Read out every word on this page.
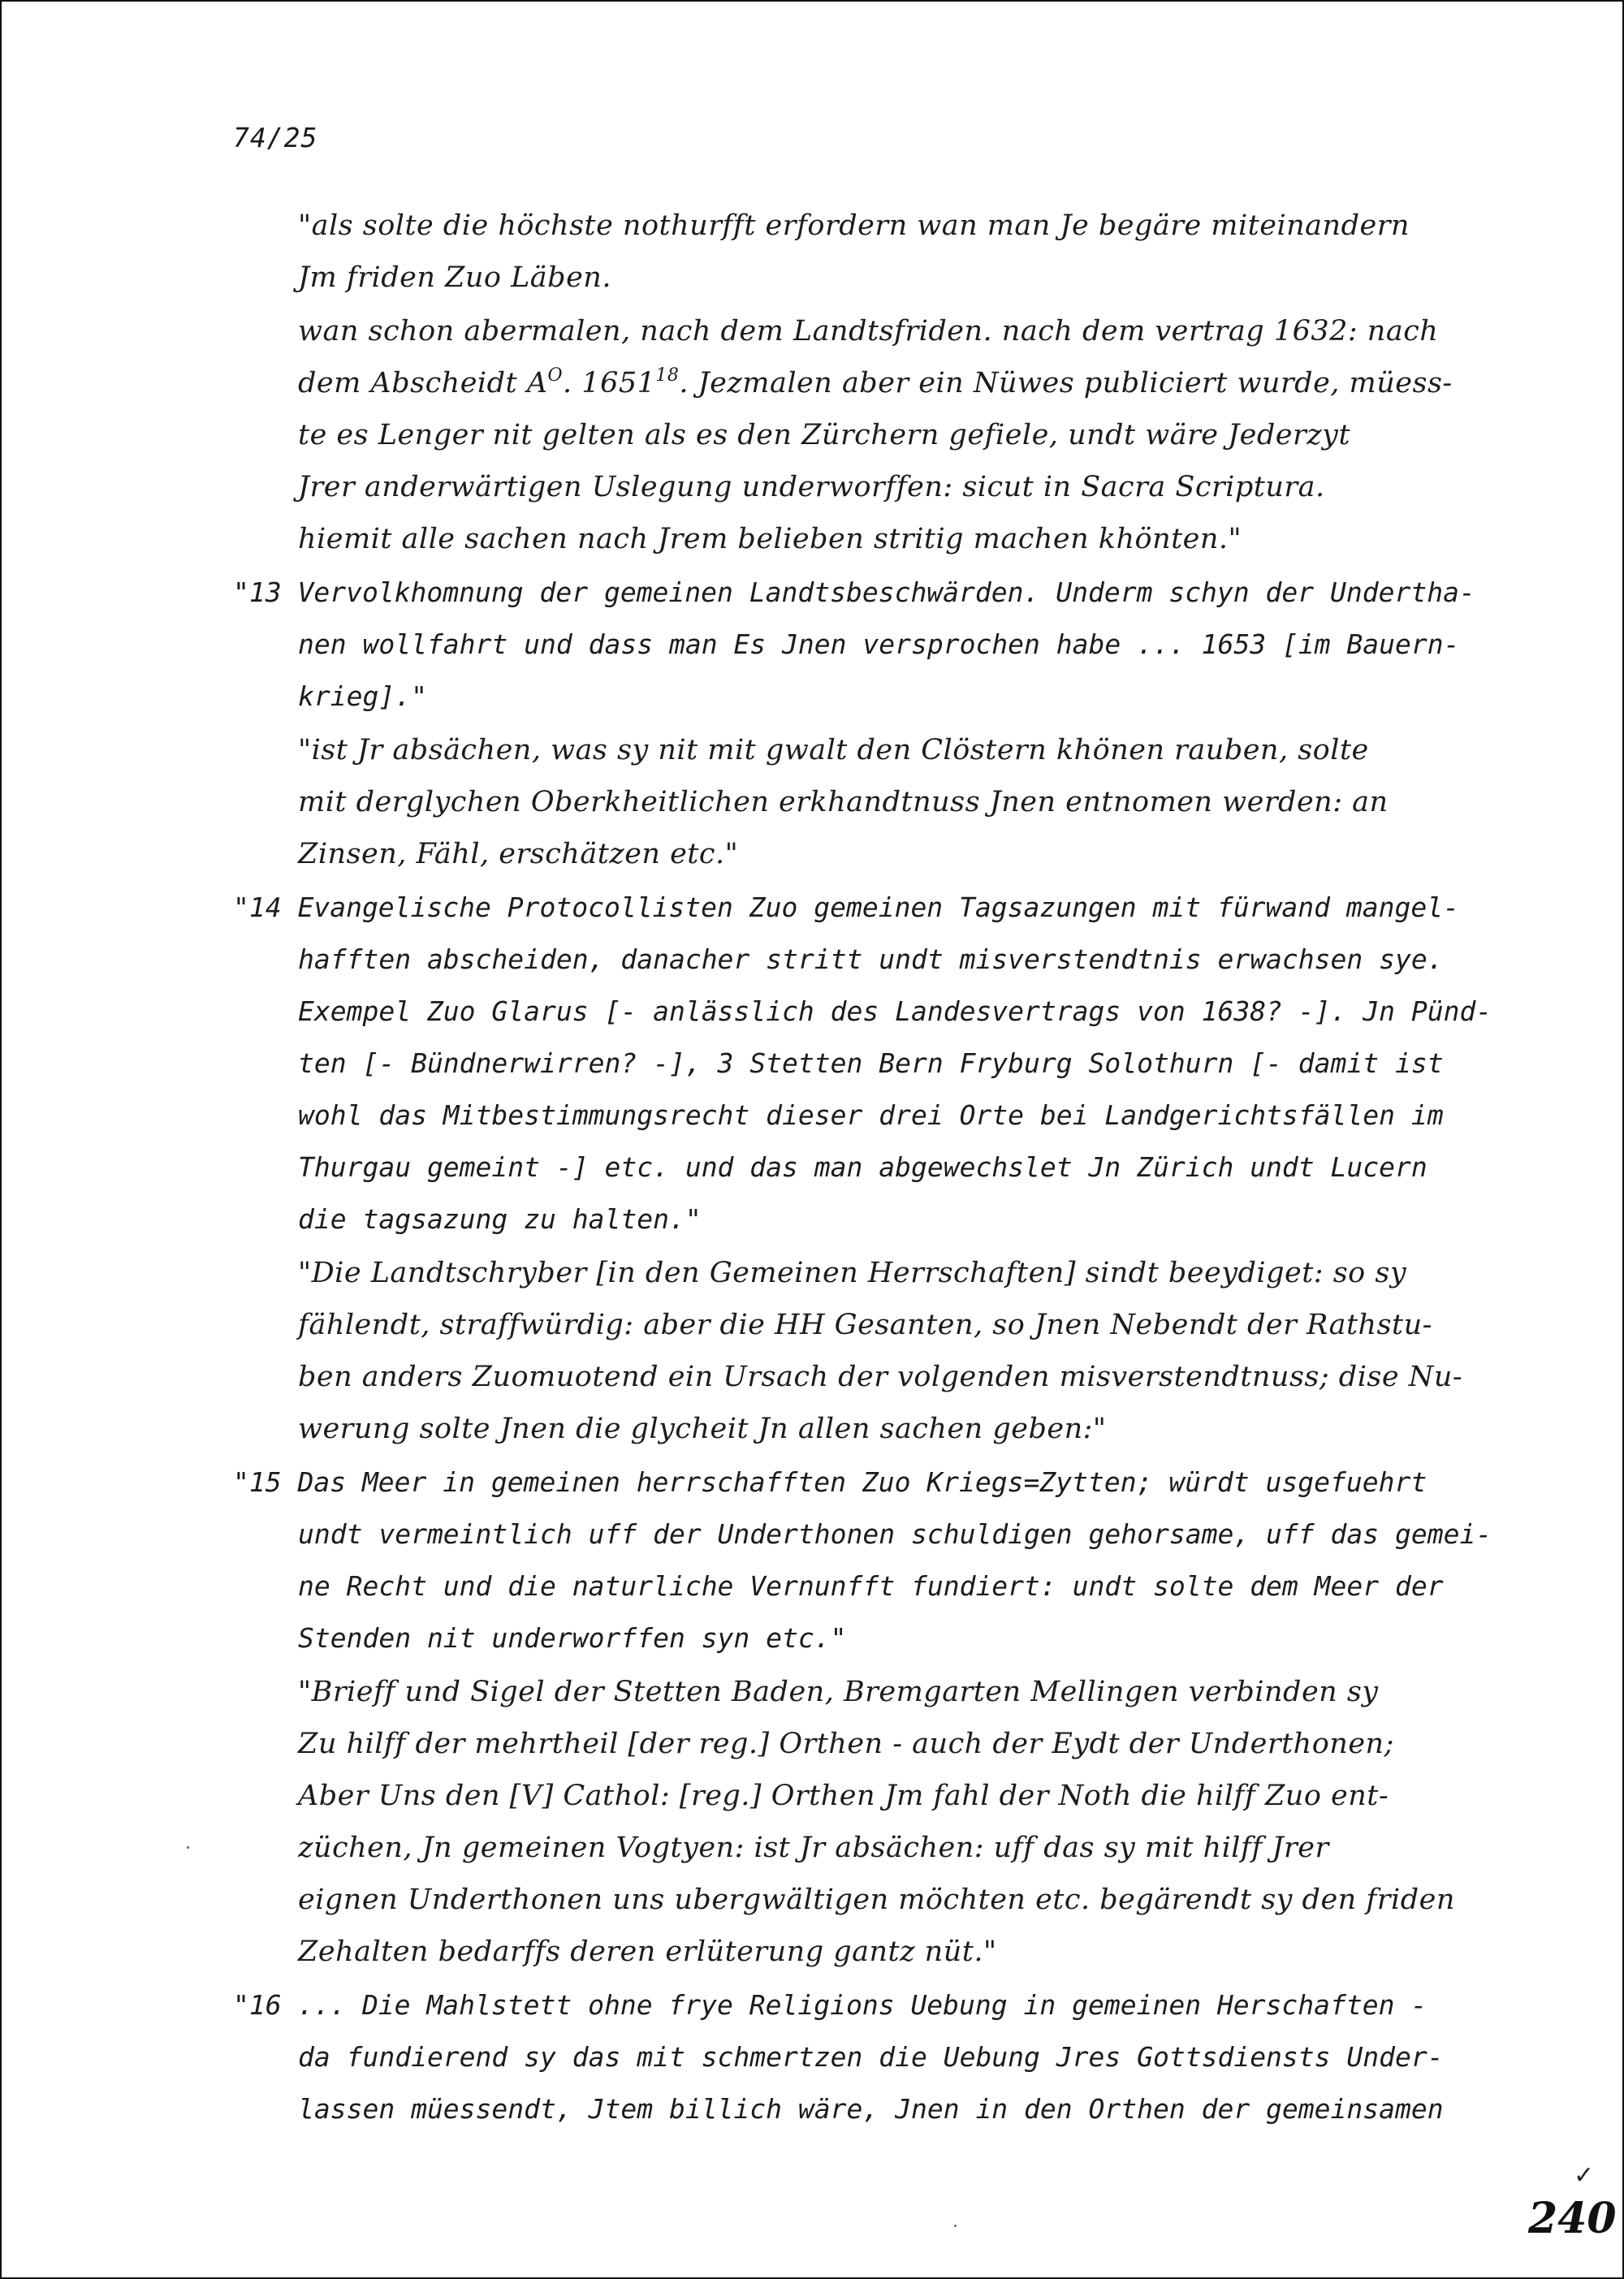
74/25
"als solte die höchste nothurfft erfordern wan man Je begäre miteinandern
Jm friden Zuo Läben.
wan schon abermalen, nach dem Landtsfriden. nach dem vertrag 1632: nach
dem Abscheidt $A^O$. 1651$^{18}$. Jezmalen aber ein Nüwes publiciert wurde, müess-
te es Lenger nit gelten als es den Zürchern gefiele, undt wäre Jederzyt
Jrer anderwärtigen Uslegung underworffen: sicut in Sacra Scriptura.
hiemit alle sachen nach Jrem belieben stritig machen khönten."
"13 Vervolkhomnung der gemeinen Landtsbeschwärden. Underm schyn der Undertha-
nen wollfahrt und dass man Es Jnen versprochen habe ... 1653 [im Bauern-
krieg]."
"ist Jr absächen, was sy nit mit gwalt den Clöstern khönen rauben, solte
mit derglychen Oberkheitlichen erkhandtnuss Jnen entnomen werden: an
Zinsen, Fähl, erschätzen etc."
"14 Evangelische Protocollisten Zuo gemeinen Tagsazungen mit fürwand mangel-
hafften abscheiden, danacher stritt undt misverstendtnis erwachsen sye.
Exempel Zuo Glarus [- anlässlich des Landesvertrags von 1638? -]. Jn Pünd-
ten [- Bündnerwirren? -], 3 Stetten Bern Fryburg Solothurn [- damit ist
wohl das Mitbestimmungsrecht dieser drei Orte bei Landgerichtsfällen im
Thurgau gemeint -] etc. und das man abgewechslet Jn Zürich undt Lucern
die tagsazung zu halten."
"Die Landtschryber [in den Gemeinen Herrschaften] sindt beeydiget: so sy
fählendt, straffwürdig: aber die HH Gesanten, so Jnen Nebendt der Rathstu-
ben anders Zuomuotend ein Ursach der volgenden misverstendtnuss; dise Nu-
werung solte Jnen die glycheit Jn allen sachen geben:"
"15 Das Meer in gemeinen herrschafften Zuo Kriegs=Zytten; würdt usgefuehrt
undt vermeintlich uff der Underthonen schuldigen gehorsame, uff das gemei-
ne Recht und die naturliche Vernunfft fundiert: undt solte dem Meer der
Stenden nit underworffen syn etc."
"Brieff und Sigel der Stetten Baden, Bremgarten Mellingen verbinden sy
Zu hilff der mehrtheil [der reg.] Orthen - auch der Eydt der Underthonen;
Aber Uns den [V] Cathol: [reg.] Orthen Jm fahl der Noth die hilff Zuo ent-
züchen, Jn gemeinen Vogtyen: ist Jr absächen: uff das sy mit hilff Jrer
eignen Underthonen uns ubergwältigen möchten etc. begärendt sy den friden
Zehalten bedarffs deren erlüterung gantz nüt."
"16 ... Die Mahlstett ohne frye Religions Uebung in gemeinen Herschaften -
da fundierend sy das mit schmertzen die Uebung Jres Gottsdiensts Under-
lassen müessendt, Jtem billich wäre, Jnen in den Orthen der gemeinsamen
✓
240
